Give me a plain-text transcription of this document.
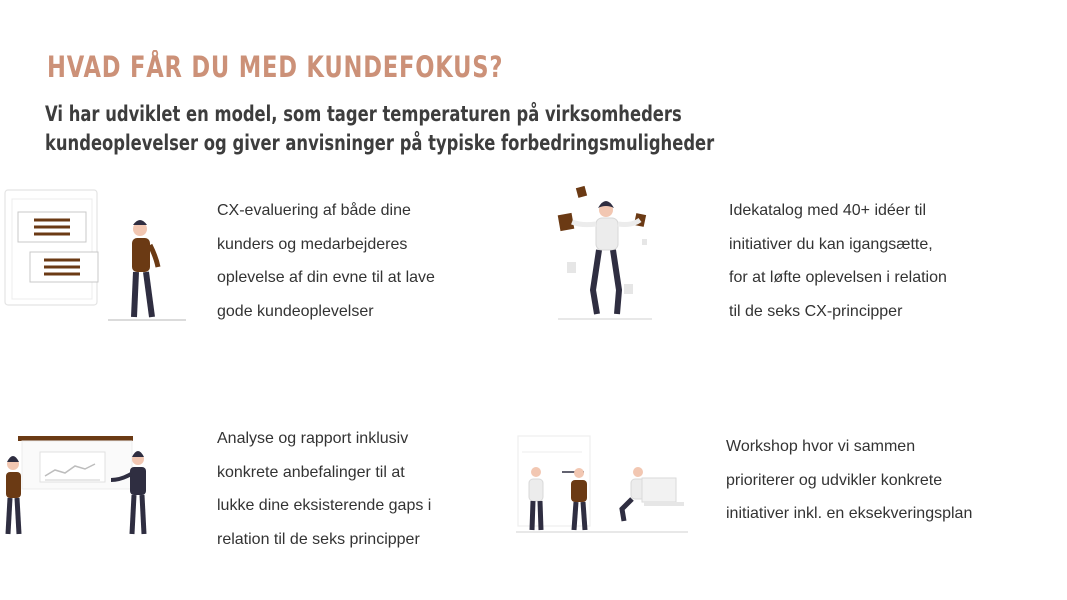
HVAD FÅR DU MED KUNDEFOKUS?
Vi har udviklet en model, som tager temperaturen på virksomheders
kundeoplevelser og giver anvisninger på typiske forbedringsmuligheder

CX-evaluering af både dine
kunders og medarbejderes
oplevelse af din evne til at lave
gode kundeoplevelser

Idekatalog med 40+ idéer til
initiativer du kan igangsætte,
for at løfte oplevelsen i relation
til de seks CX-principper

Analyse og rapport inklusiv
konkrete anbefalinger til at
lukke dine eksisterende gaps i
relation til de seks principper

Workshop hvor vi sammen
prioriterer og udvikler konkrete
initiativer inkl. en eksekveringsplan
